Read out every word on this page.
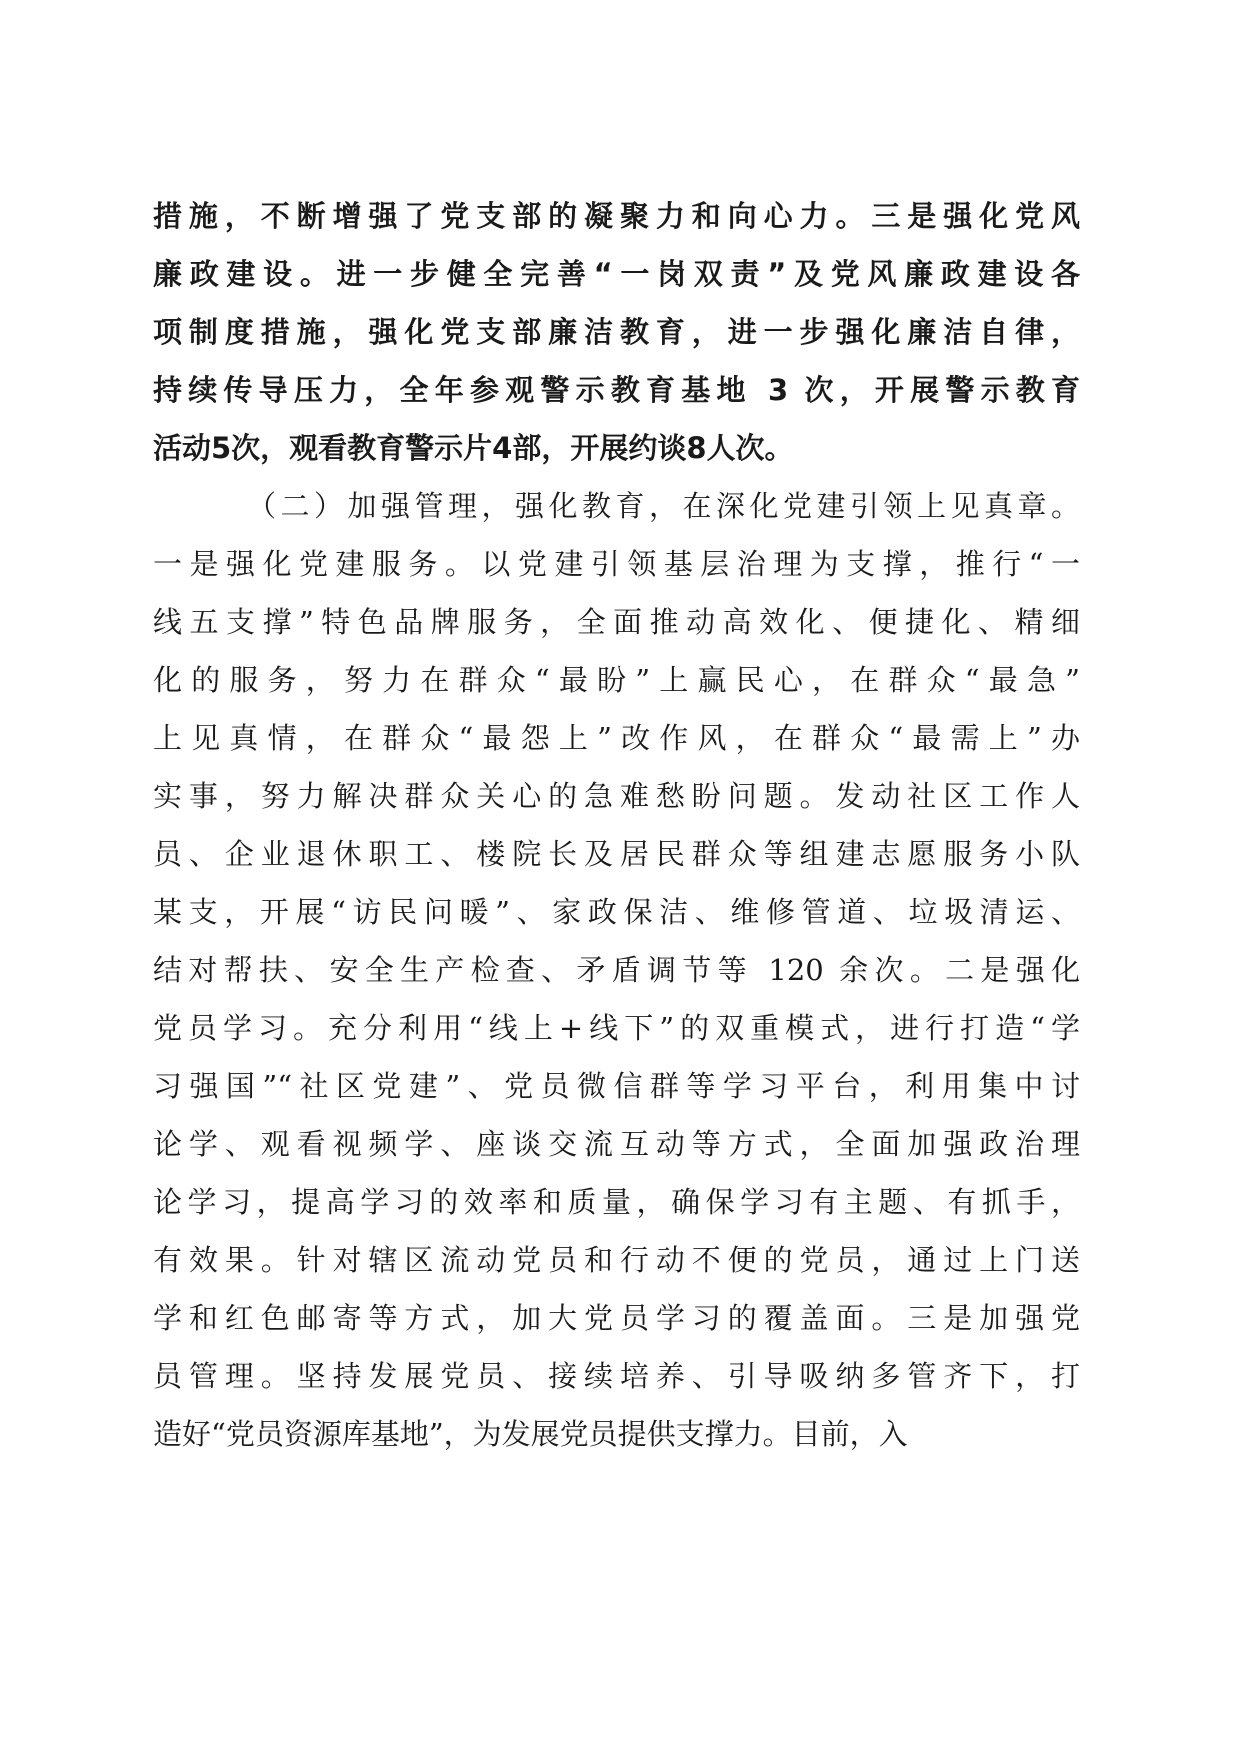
措施，不断增强了党支部的凝聚力和向心力。三是强化党风
廉政建设。进一步健全完善“一岗双责”及党风廉政建设各
项制度措施，强化党支部廉洁教育，进一步强化廉洁自律，
持续传导压力，全年参观警示教育基地 3 次，开展警示教育
活动5次，观看教育警示片4部，开展约谈8人次。
（二）加强管理，强化教育，在深化党建引领上见真章。
一是强化党建服务。以党建引领基层治理为支撑，推行“一
线五支撑”特色品牌服务，全面推动高效化、便捷化、精细
化的服务，努力在群众“最盼”上赢民心，在群众“最急”
上见真情，在群众“最怨上”改作风，在群众“最需上”办
实事，努力解决群众关心的急难愁盼问题。发动社区工作人
员、企业退休职工、楼院长及居民群众等组建志愿服务小队
某支，开展“访民问暖”、家政保洁、维修管道、垃圾清运、
结对帮扶、安全生产检查、矛盾调节等 120 余次。二是强化
党员学习。充分利用“线上+线下”的双重模式，进行打造“学
习强国”“社区党建”、党员微信群等学习平台，利用集中讨
论学、观看视频学、座谈交流互动等方式，全面加强政治理
论学习，提高学习的效率和质量，确保学习有主题、有抓手，
有效果。针对辖区流动党员和行动不便的党员，通过上门送
学和红色邮寄等方式，加大党员学习的覆盖面。三是加强党
员管理。坚持发展党员、接续培养、引导吸纳多管齐下，打
造好“党员资源库基地”，为发展党员提供支撑力。目前，入
